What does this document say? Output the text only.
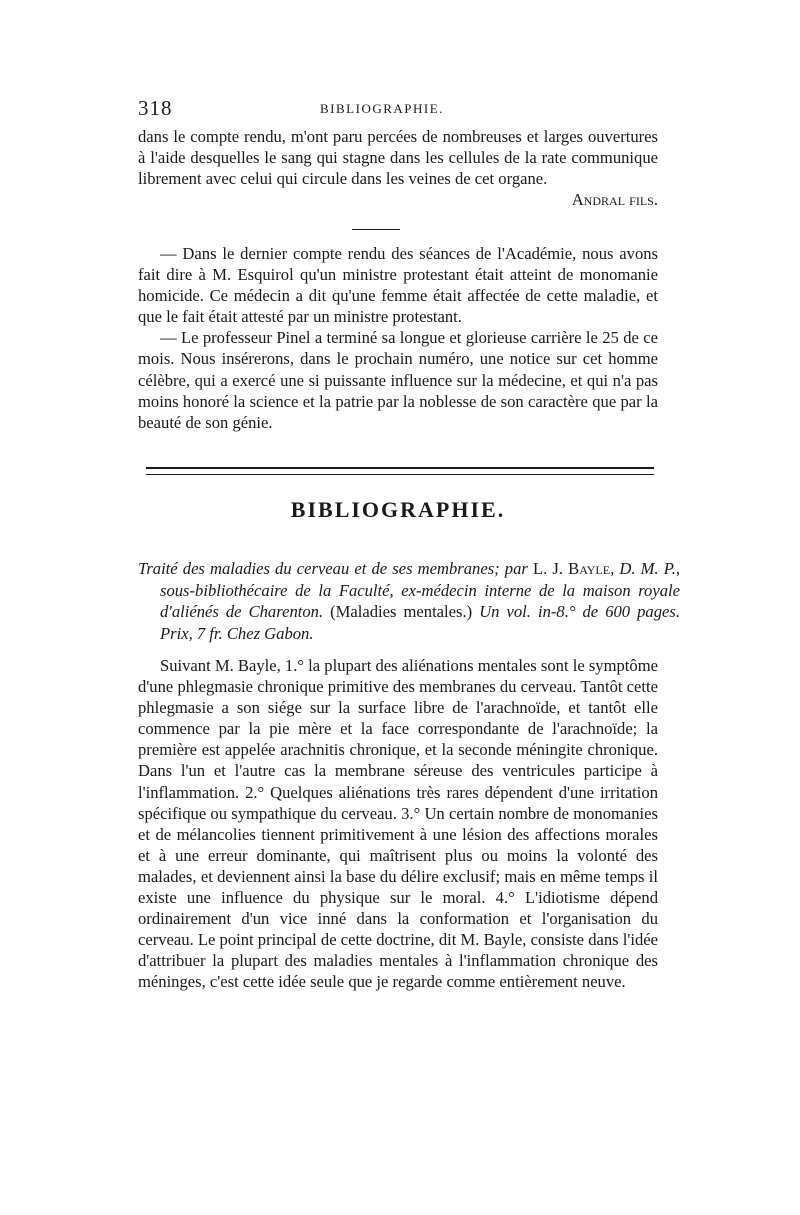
318	BIBLIOGRAPHIE.

dans le compte rendu, m'ont paru percées de nombreuses et larges ouvertures à l'aide desquelles le sang qui stagne dans les cellules de la rate communique librement avec celui qui circule dans les veines de cet organe.

Andral fils.

— Dans le dernier compte rendu des séances de l'Académie, nous avons fait dire à M. Esquirol qu'un ministre protestant était atteint de monomanie homicide. Ce médecin a dit qu'une femme était affectée de cette maladie, et que le fait était attesté par un ministre protestant.

— Le professeur Pinel a terminé sa longue et glorieuse carrière le 25 de ce mois. Nous insérerons, dans le prochain numéro, une notice sur cet homme célèbre, qui a exercé une si puissante influence sur la médecine, et qui n'a pas moins honoré la science et la patrie par la noblesse de son caractère que par la beauté de son génie.

BIBLIOGRAPHIE.
Traité des maladies du cerveau et de ses membranes; par L. J. Bayle, D. M. P., sous-bibliothécaire de la Faculté, ex-médecin interne de la maison royale d'aliénés de Charenton. (Maladies mentales.) Un vol. in-8.° de 600 pages. Prix, 7 fr. Chez Gabon.

Suivant M. Bayle, 1.° la plupart des aliénations mentales sont le symptôme d'une phlegmasie chronique primitive des membranes du cerveau. Tantôt cette phlegmasie a son siége sur la surface libre de l'arachnoïde, et tantôt elle commence par la pie mère et la face correspondante de l'arachnoïde; la première est appelée arachnitis chronique, et la seconde méningite chronique. Dans l'un et l'autre cas la membrane séreuse des ventricules participe à l'inflammation. 2.° Quelques aliénations très rares dépendent d'une irritation spécifique ou sympathique du cerveau. 3.° Un certain nombre de monomanies et de mélancolies tiennent primitivement à une lésion des affections morales et à une erreur dominante, qui maîtrisent plus ou moins la volonté des malades, et deviennent ainsi la base du délire exclusif; mais en même temps il existe une influence du physique sur le moral. 4.° L'idiotisme dépend ordinairement d'un vice inné dans la conformation et l'organisation du cerveau. Le point principal de cette doctrine, dit M. Bayle, consiste dans l'idée d'attribuer la plupart des maladies mentales à l'inflammation chronique des méninges, c'est cette idée seule que je regarde comme entièrement neuve.
